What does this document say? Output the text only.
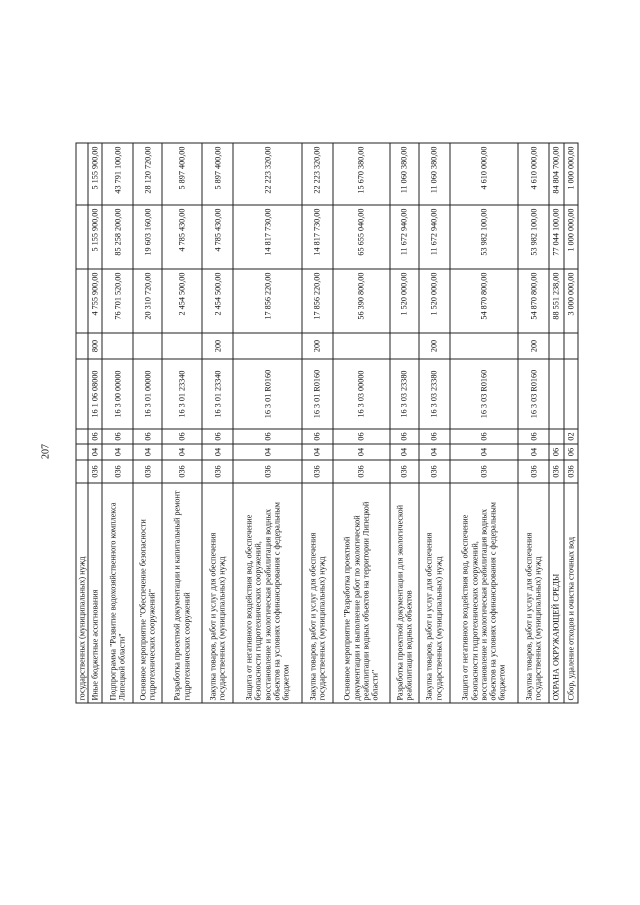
207
государственных (муниципальных) нужд								
Иные бюджетные ассигнования	036	04	06	16 1 06 08000	800	4 755 900,00	5 155 900,00	5 155 900,00
Подпрограмма "Развитие водохозяйственного комплекса Липецкой области"	036	04	06	16 3 00 00000		76 701 520,00	85 258 200,00	43 791 100,00
Основное мероприятие "Обеспечение безопасности гидротехнических сооружений"	036	04	06	16 3 01 00000		20 310 720,00	19 603 160,00	28 120 720,00
Разработка проектной документации и капитальный ремонт гидротехнических сооружений	036	04	06	16 3 01 23340		2 454 500,00	4 785 430,00	5 897 400,00
Закупка товаров, работ и услуг для обеспечения государственных (муниципальных) нужд	036	04	06	16 3 01 23340	200	2 454 500,00	4 785 430,00	5 897 400,00
Защита от негативного воздействия вод, обеспечение безопасности гидротехнических сооружений, восстановление и экологическая реабилитация водных объектов на условиях софинансирования с федеральным бюджетом	036	04	06	16 3 01 R0160		17 856 220,00	14 817 730,00	22 223 320,00
Закупка товаров, работ и услуг для обеспечения государственных (муниципальных) нужд	036	04	06	16 3 01 R0160	200	17 856 220,00	14 817 730,00	22 223 320,00
Основное мероприятие "Разработка проектной документации и выполнение работ по экологической реабилитации водных объектов на территории Липецкой области"	036	04	06	16 3 03 00000		56 390 800,00	65 655 040,00	15 670 380,00
Разработка проектной документации для экологической реабилитации водных объектов	036	04	06	16 3 03 23380		1 520 000,00	11 672 940,00	11 060 380,00
Закупка товаров, работ и услуг для обеспечения государственных (муниципальных) нужд	036	04	06	16 3 03 23380	200	1 520 000,00	11 672 940,00	11 060 380,00
Защита от негативного воздействия вод, обеспечение безопасности гидротехнических сооружений, восстановление и экологическая реабилитация водных объектов на условиях софинансирования с федеральным бюджетом	036	04	06	16 3 03 R0160		54 870 800,00	53 982 100,00	4 610 000,00
Закупка товаров, работ и услуг для обеспечения государственных (муниципальных) нужд	036	04	06	16 3 03 R0160	200	54 870 800,00	53 982 100,00	4 610 000,00
ОХРАНА ОКРУЖАЮЩЕЙ СРЕДЫ	036	06				88 551 238,00	77 044 100,00	84 804 700,00
Сбор, удаление отходов и очистка сточных вод	036	06	02			3 000 000,00	1 000 000,00	1 000 000,00
